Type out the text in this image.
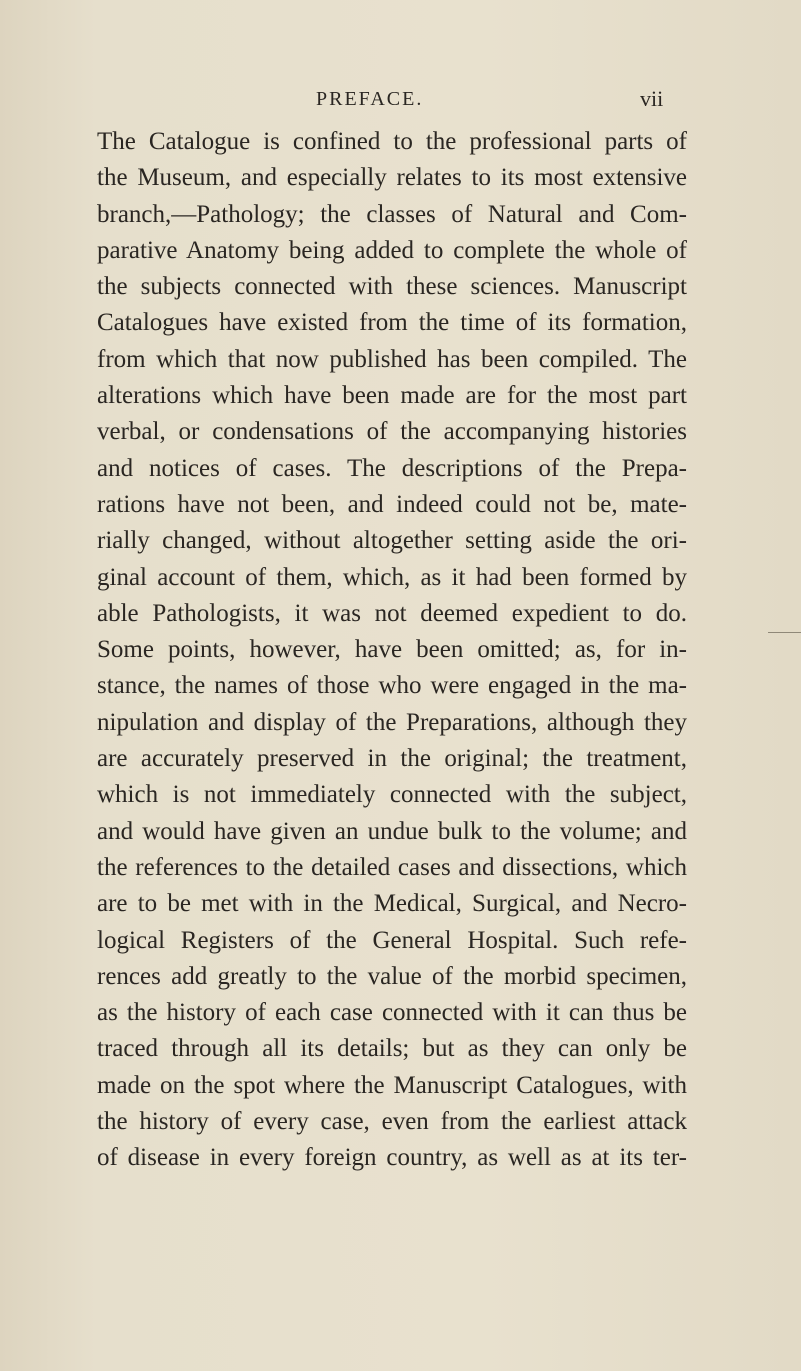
PREFACE.	vii
The Catalogue is confined to the professional parts of
the Museum, and especially relates to its most extensive
branch,—Pathology; the classes of Natural and Com-
parative Anatomy being added to complete the whole of
the subjects connected with these sciences. Manuscript
Catalogues have existed from the time of its formation,
from which that now published has been compiled. The
alterations which have been made are for the most part
verbal, or condensations of the accompanying histories
and notices of cases. The descriptions of the Prepa-
rations have not been, and indeed could not be, mate-
rially changed, without altogether setting aside the ori-
ginal account of them, which, as it had been formed by
able Pathologists, it was not deemed expedient to do.
Some points, however, have been omitted; as, for in-
stance, the names of those who were engaged in the ma-
nipulation and display of the Preparations, although they
are accurately preserved in the original; the treatment,
which is not immediately connected with the subject,
and would have given an undue bulk to the volume; and
the references to the detailed cases and dissections, which
are to be met with in the Medical, Surgical, and Necro-
logical Registers of the General Hospital. Such refe-
rences add greatly to the value of the morbid specimen,
as the history of each case connected with it can thus be
traced through all its details; but as they can only be
made on the spot where the Manuscript Catalogues, with
the history of every case, even from the earliest attack
of disease in every foreign country, as well as at its ter-
